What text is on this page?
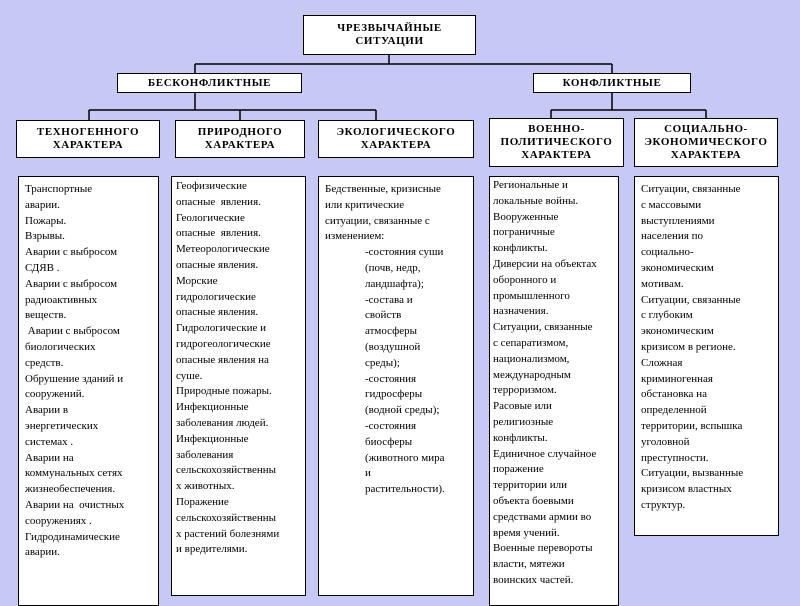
ЧРЕЗВЫЧАЙНЫЕ
СИТУАЦИИ
БЕСКОНФЛИКТНЫЕ	КОНФЛИКТНЫЕ
ТЕХНОГЕННОГО
ХАРАКТЕРА
ПРИРОДНОГО
ХАРАКТЕРА
ЭКОЛОГИЧЕСКОГО
ХАРАКТЕРА
ВОЕННО-
ПОЛИТИЧЕСКОГО
ХАРАКТЕРА
СОЦИАЛЬНО-
ЭКОНОМИЧЕСКОГО
ХАРАКТЕРА
Транспортные
аварии.
Пожары.
Взрывы.
Аварии с выбросом
СДЯВ .
Аварии с выбросом
радиоактивных
веществ.
Аварии с выбросом
биологических
средств.
Обрушение зданий и
сооружений.
Аварии в
энергетических
системах .
Аварии на
коммунальных сетях
жизнеобеспечения.
Аварии на  очистных
сооружениях .
Гидродинамические
аварии.
Геофизические
опасные  явления.
Геологические
опасные  явления.
Метеорологические
опасные явления.
Морские
гидрологические
опасные явления.
Гидрологические и
гидрогеологические
опасные явления на
суше.
Природные пожары.
Инфекционные
заболевания людей.
Инфекционные
заболевания
сельскохозяйственны
х животных.
Поражение
сельскохозяйственны
х растений болезнями
и вредителями.
Бедственные, кризисные
или критические
ситуации, связанные с
изменением:
-состояния суши
(почв, недр,
ландшафта);
-состава и
свойств
атмосферы
(воздушной
среды);
-состояния
гидросферы
(водной среды);
-состояния
биосферы
(животного мира
и
растительности).
Региональные и
локальные войны.
Вооруженные
пограничные
конфликты.
Диверсии на объектах
оборонного и
промышленного
назначения.
Ситуации, связанные
с сепаратизмом,
национализмом,
международным
терроризмом.
Расовые или
религиозные
конфликты.
Единичное случайное
поражение
территории или
объекта боевыми
средствами армии во
время учений.
Военные перевороты
власти, мятежи
воинских частей.
Ситуации, связанные
с массовыми
выступлениями
населения по
социально-
экономическим
мотивам.
Ситуации, связанные
с глубоким
экономическим
кризисом в регионе.
Сложная
криминогенная
обстановка на
определенной
территории, вспышка
уголовной
преступности.
Ситуации, вызванные
кризисом властных
структур.
